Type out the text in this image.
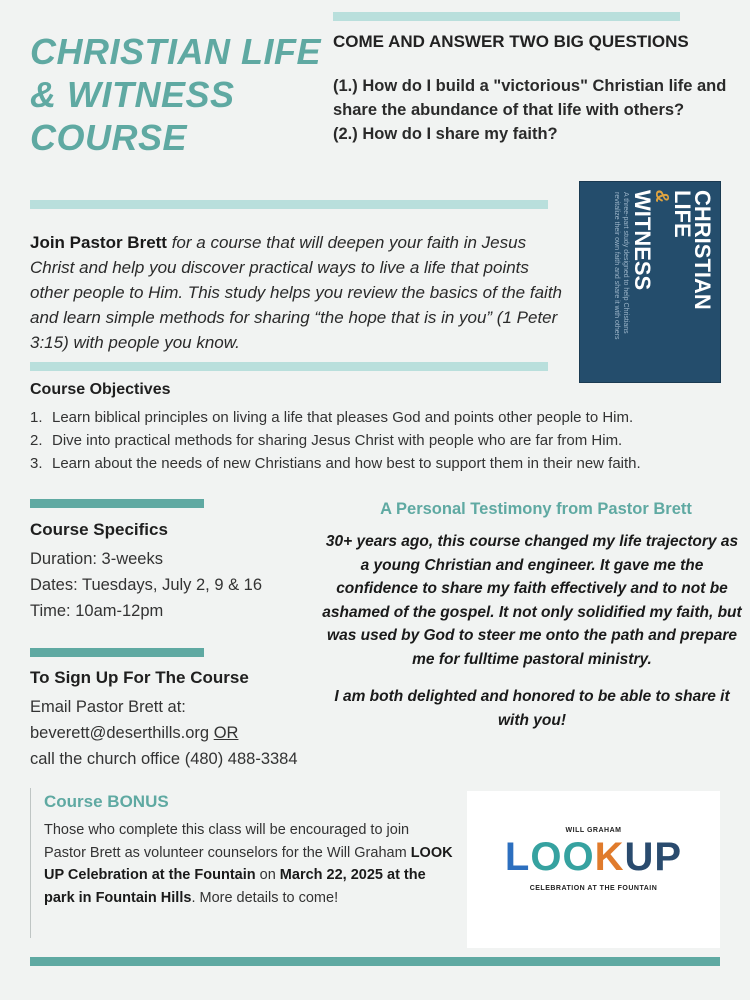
CHRISTIAN LIFE
& WITNESS
COURSE
COME AND ANSWER TWO BIG QUESTIONS

(1.) How do I build a "victorious" Christian life and share the abundance of that life with others?

(2.) How do I share my faith?

Join Pastor Brett for a course that will deepen your faith in Jesus Christ and help you discover practical ways to live a life that points other people to Him. This study helps you review the basics of the faith and learn simple methods for sharing “the hope that is in you” (1 Peter 3:15) with people you know.
CHRISTIAN
LIFE
&
WITNESS
A three-part study designed to help Christians revitalize their own faith and share it with others
Course Objectives
1. Learn biblical principles on living a life that pleases God and points other people to Him.
2. Dive into practical methods for sharing Jesus Christ with people who are far from Him.
3. Learn about the needs of new Christians and how best to support them in their new faith.
Course Specifics
Duration: 3-weeks
Dates: Tuesdays, July 2, 9 & 16
Time: 10am-12pm
To Sign Up For The Course
Email Pastor Brett at:
beverett@deserthills.org OR
call the church office (480) 488-3384
A Personal Testimony from Pastor Brett

30+ years ago, this course changed my life trajectory as a young Christian and engineer. It gave me the confidence to share my faith effectively and to not be ashamed of the gospel. It not only solidified my faith, but was used by God to steer me onto the path and prepare me for fulltime pastoral ministry.

I am both delighted and honored to be able to share it with you!

Course BONUS
Those who complete this class will be encouraged to join Pastor Brett as volunteer counselors for the Will Graham LOOK UP Celebration at the Fountain on March 22, 2025 at the park in Fountain Hills. More details to come!
WILL GRAHAM
LOOKUP
CELEBRATION AT THE FOUNTAIN
